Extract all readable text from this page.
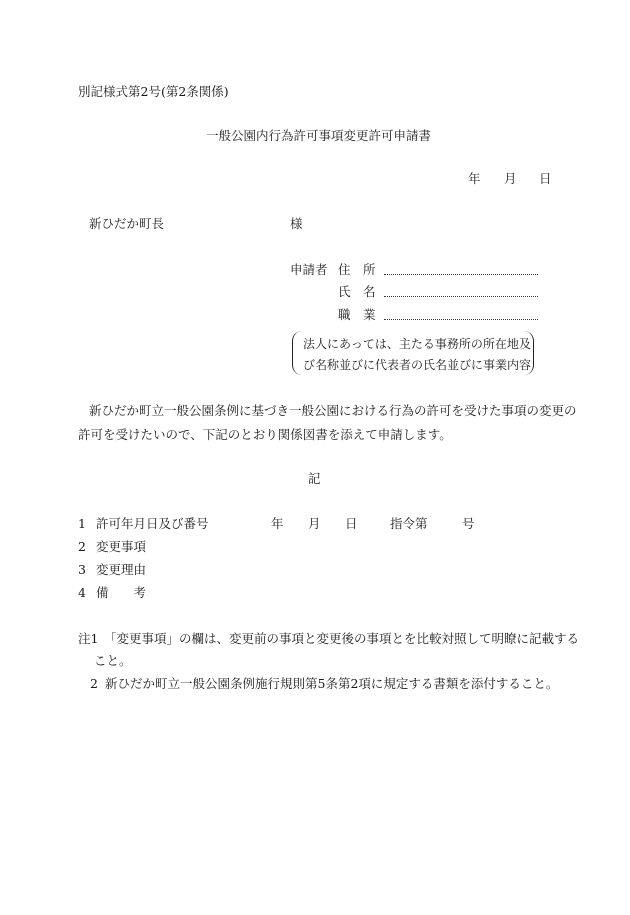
別記様式第2号(第2条関係)
一般公園内行為許可事項変更許可申請書
年 月 日
新ひだか町長	様
申請者 住　所
氏　名
職　業
法人にあっては、主たる事務所の所在地及
び名称並びに代表者の氏名並びに事業内容
新ひだか町立一般公園条例に基づき一般公園における行為の許可を受けた事項の変更の
許可を受けたいので、下記のとおり関係図書を添えて申請します。
記
1 許可年月日及び番号	年 月 日	指令第	号
2 変更事項
3 変更理由
4 備　　考
注1 「変更事項」の欄は、変更前の事項と変更後の事項とを比較対照して明瞭に記載する
こと。
2 新ひだか町立一般公園条例施行規則第5条第2項に規定する書類を添付すること。
